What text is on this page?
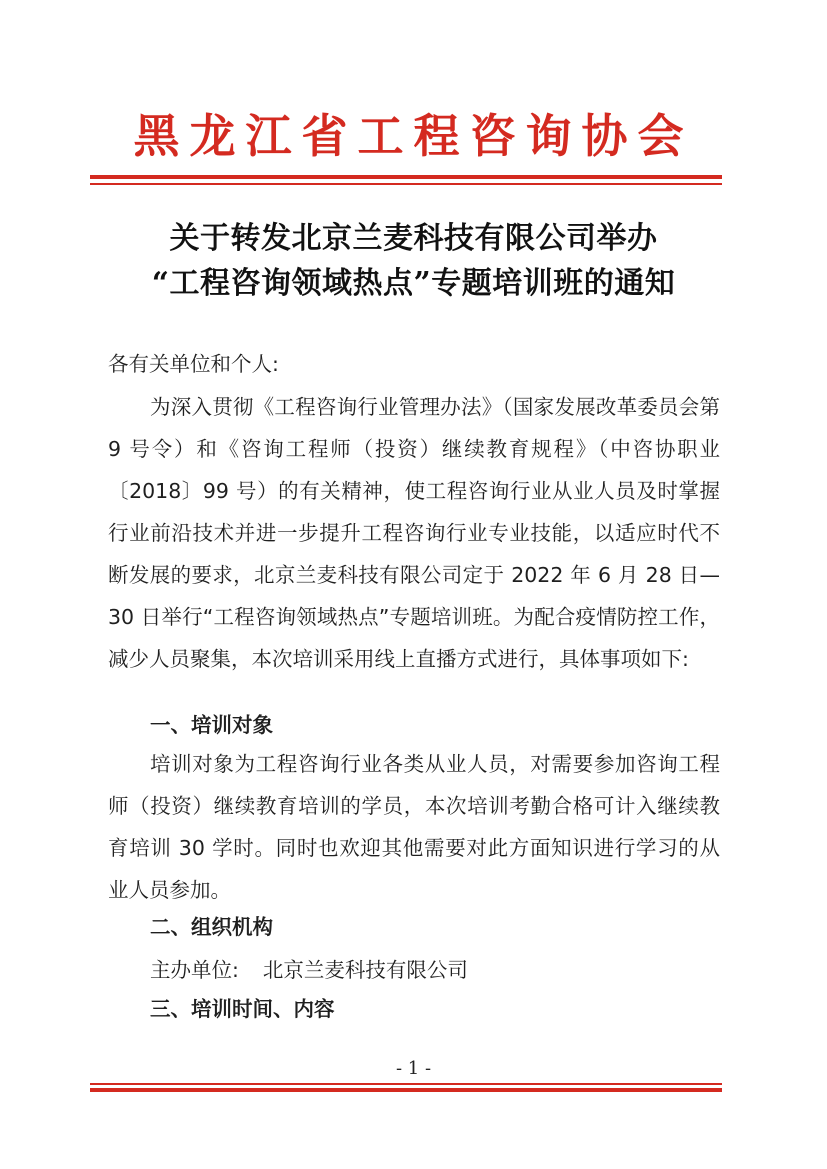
黑龙江省工程咨询协会
关于转发北京兰麦科技有限公司举办
“工程咨询领域热点”专题培训班的通知
各有关单位和个人:
为深入贯彻《工程咨询行业管理办法》（国家发展改革委员会第 9 号令）和《咨询工程师（投资）继续教育规程》（中咨协职业〔2018〕99 号）的有关精神，使工程咨询行业从业人员及时掌握行业前沿技术并进一步提升工程咨询行业专业技能，以适应时代不断发展的要求，北京兰麦科技有限公司定于 2022 年 6 月 28 日—30 日举行“工程咨询领域热点”专题培训班。为配合疫情防控工作，减少人员聚集，本次培训采用线上直播方式进行，具体事项如下:
一、培训对象
培训对象为工程咨询行业各类从业人员，对需要参加咨询工程师（投资）继续教育培训的学员，本次培训考勤合格可计入继续教育培训 30 学时。同时也欢迎其他需要对此方面知识进行学习的从业人员参加。
二、组织机构
主办单位: 北京兰麦科技有限公司
三、培训时间、内容
- 1 -
